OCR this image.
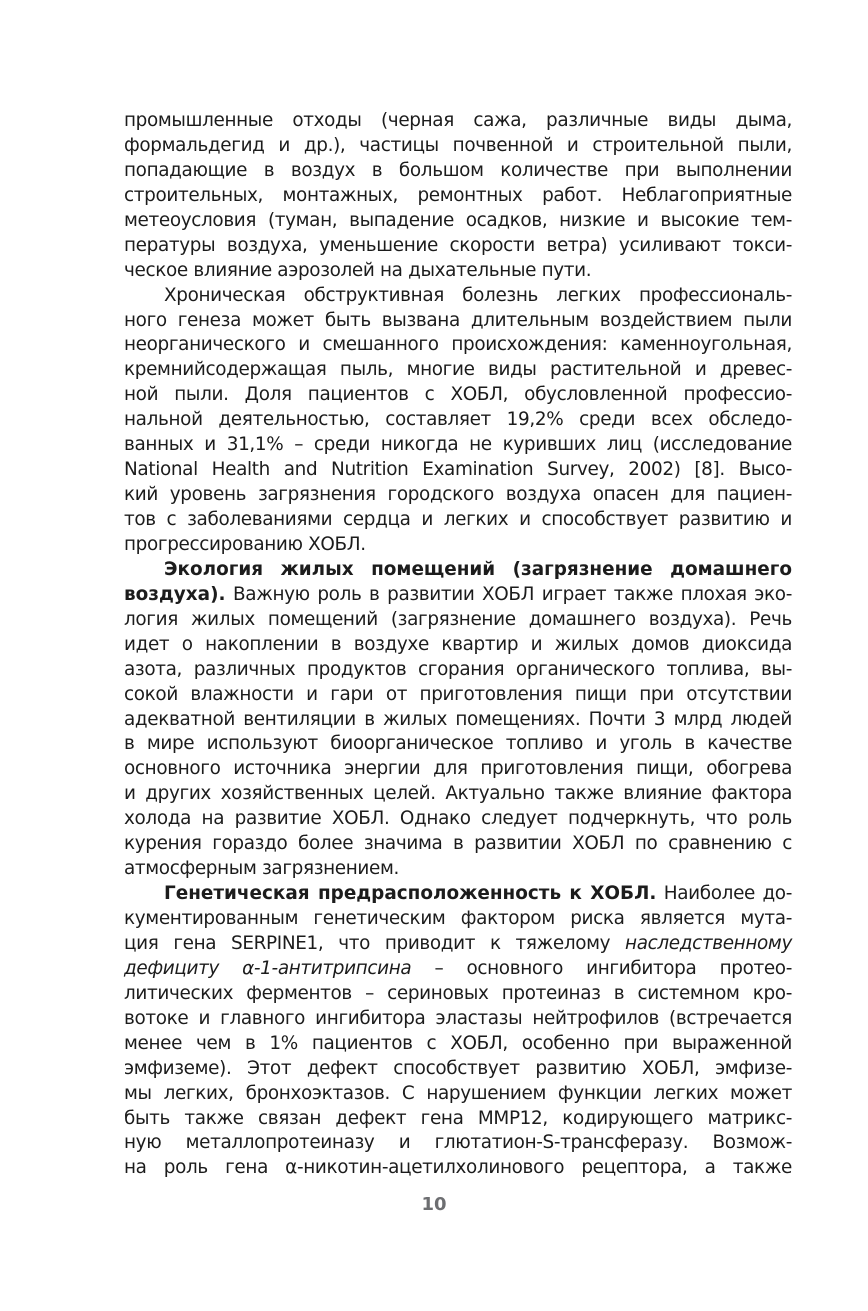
промышленные отходы (черная сажа, различные виды дыма,
формальдегид и др.), частицы почвенной и строительной пыли,
попадающие в воздух в большом количестве при выполнении
строительных, монтажных, ремонтных работ. Неблагоприятные
метеоусловия (туман, выпадение осадков, низкие и высокие тем-
пературы воздуха, уменьшение скорости ветра) усиливают токси-
ческое влияние аэрозолей на дыхательные пути.

Хроническая обструктивная болезнь легких профессиональ-
ного генеза может быть вызвана длительным воздействием пыли
неорганического и смешанного происхождения: каменноугольная,
кремнийсодержащая пыль, многие виды растительной и древес-
ной пыли. Доля пациентов с ХОБЛ, обусловленной профессио-
нальной деятельностью, составляет 19,2% среди всех обследо-
ванных и 31,1% – среди никогда не куривших лиц (исследование
National Health and Nutrition Examination Survey, 2002) [8]. Высо-
кий уровень загрязнения городского воздуха опасен для пациен-
тов с заболеваниями сердца и легких и способствует развитию и
прогрессированию ХОБЛ.

Экология жилых помещений (загрязнение домашнего
воздуха). Важную роль в развитии ХОБЛ играет также плохая эко-
логия жилых помещений (загрязнение домашнего воздуха). Речь
идет о накоплении в воздухе квартир и жилых домов диоксида
азота, различных продуктов сгорания органического топлива, вы-
сокой влажности и гари от приготовления пищи при отсутствии
адекватной вентиляции в жилых помещениях. Почти 3 млрд людей
в мире используют биоорганическое топливо и уголь в качестве
основного источника энергии для приготовления пищи, обогрева
и других хозяйственных целей. Актуально также влияние фактора
холода на развитие ХОБЛ. Однако следует подчеркнуть, что роль
курения гораздо более значима в развитии ХОБЛ по сравнению с
атмосферным загрязнением.

Генетическая предрасположенность к ХОБЛ. Наиболее до-
кументированным генетическим фактором риска является мута-
ция гена SERPINE1, что приводит к тяжелому наследственному
дефициту α-1-антитрипсина – основного ингибитора протео-
литических ферментов – сериновых протеиназ в системном кро-
вотоке и главного ингибитора эластазы нейтрофилов (встречается
менее чем в 1% пациентов с ХОБЛ, особенно при выраженной
эмфиземе). Этот дефект способствует развитию ХОБЛ, эмфизе-
мы легких, бронхоэктазов. С нарушением функции легких может
быть также связан дефект гена ММР12, кодирующего матрикс-
ную металлопротеиназу и глютатион-S-трансферазу. Возмож-
на роль гена α-никотин-ацетилхолинового рецептора, а также

10
